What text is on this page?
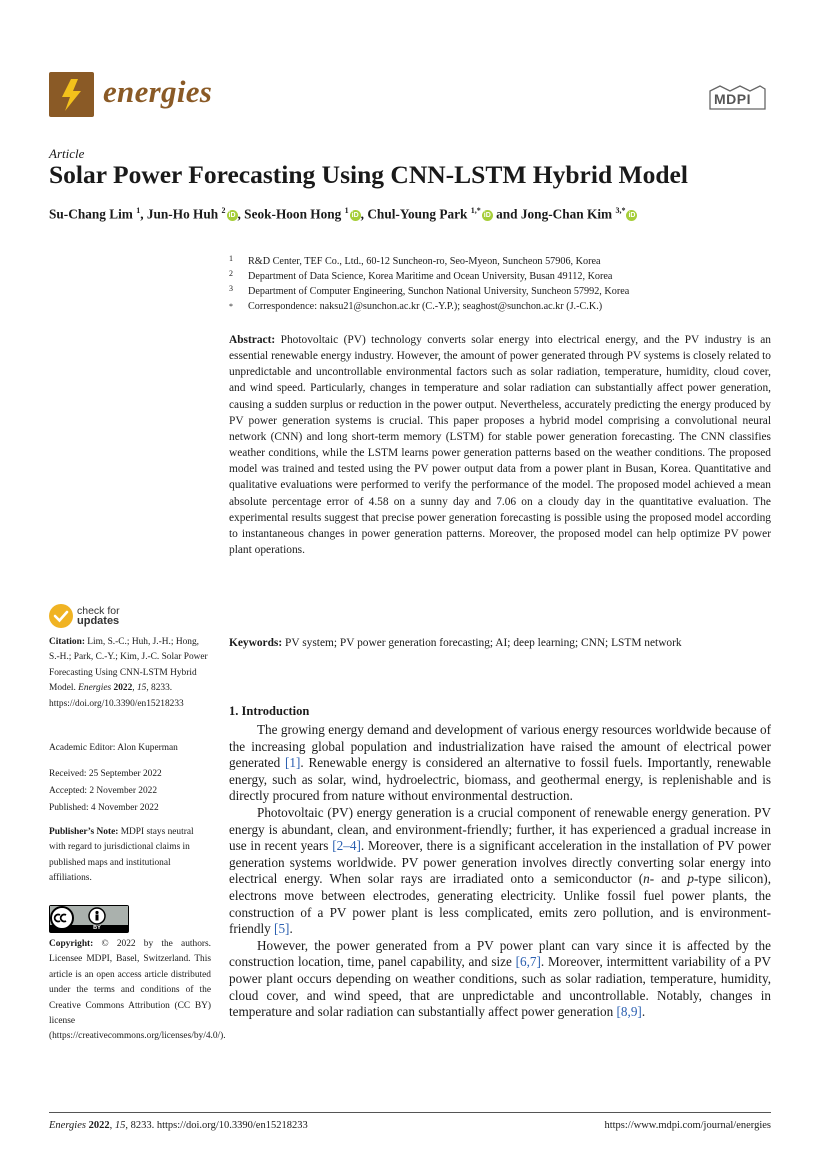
energies	MDPI
Article
Solar Power Forecasting Using CNN-LSTM Hybrid Model
Su-Chang Lim $^1$, Jun-Ho Huh $^2$iD , Seok-Hoon Hong $^1$iD , Chul-Young Park $^{1,*}$iD and Jong-Chan Kim $^{3,*}$iD
1 R&D Center, TEF Co., Ltd., 60-12 Suncheon-ro, Seo-Myeon, Suncheon 57906, Korea
2 Department of Data Science, Korea Maritime and Ocean University, Busan 49112, Korea
3 Department of Computer Engineering, Sunchon National University, Suncheon 57992, Korea
* Correspondence: naksu21@sunchon.ac.kr (C.-Y.P.); seaghost@sunchon.ac.kr (J.-C.K.)
Abstract: Photovoltaic (PV) technology converts solar energy into electrical energy, and the PV industry is an essential renewable energy industry. However, the amount of power generated through PV systems is closely related to unpredictable and uncontrollable environmental factors such as solar radiation, temperature, humidity, cloud cover, and wind speed. Particularly, changes in temperature and solar radiation can substantially affect power generation, causing a sudden surplus or reduction in the power output. Nevertheless, accurately predicting the energy produced by PV power generation systems is crucial. This paper proposes a hybrid model comprising a convolutional neural network (CNN) and long short-term memory (LSTM) for stable power generation forecasting. The CNN classifies weather conditions, while the LSTM learns power generation patterns based on the weather conditions. The proposed model was trained and tested using the PV power output data from a power plant in Busan, Korea. Quantitative and qualitative evaluations were performed to verify the performance of the model. The proposed model achieved a mean absolute percentage error of 4.58 on a sunny day and 7.06 on a cloudy day in the quantitative evaluation. The experimental results suggest that precise power generation forecasting is possible using the proposed model according to instantaneous changes in power generation patterns. Moreover, the proposed model can help optimize PV power plant operations.
Keywords: PV system; PV power generation forecasting; AI; deep learning; CNN; LSTM network
1. Introduction

The growing energy demand and development of various energy resources worldwide because of the increasing global population and industrialization have raised the amount of electrical power generated [1]. Renewable energy is considered an alternative to fossil fuels. Importantly, renewable energy, such as solar, wind, hydroelectric, biomass, and geothermal energy, is replenishable and is directly procured from nature without environmental destruction.

Photovoltaic (PV) energy generation is a crucial component of renewable energy generation. PV energy is abundant, clean, and environment-friendly; further, it has experienced a gradual increase in use in recent years [2–4]. Moreover, there is a significant acceleration in the installation of PV power generation systems worldwide. PV power generation involves directly converting solar energy into electrical energy. When solar rays are irradiated onto a semiconductor (n- and p-type silicon), electrons move between electrodes, generating electricity. Unlike fossil fuel power plants, the construction of a PV power plant is less complicated, emits zero pollution, and is environment-friendly [5].

However, the power generated from a PV power plant can vary since it is affected by the construction location, time, panel capability, and size [6,7]. Moreover, intermittent variability of a PV power plant occurs depending on weather conditions, such as solar radiation, temperature, humidity, cloud cover, and wind speed, that are unpredictable and uncontrollable. Notably, changes in temperature and solar radiation can substantially affect power generation [8,9].

check for
updates
Citation: Lim, S.-C.; Huh, J.-H.; Hong, S.-H.; Park, C.-Y.; Kim, J.-C. Solar Power Forecasting Using CNN-LSTM Hybrid Model. Energies 2022, 15, 8233. https://doi.org/10.3390/en15218233
Academic Editor: Alon Kuperman
Received: 25 September 2022
Accepted: 2 November 2022
Published: 4 November 2022
Publisher’s Note: MDPI stays neutral with regard to jurisdictional claims in published maps and institutional affiliations.
BY
Copyright: © 2022 by the authors. Licensee MDPI, Basel, Switzerland. This article is an open access article distributed under the terms and conditions of the Creative Commons Attribution (CC BY) license (https://creativecommons.org/licenses/by/4.0/).
Energies 2022, 15, 8233. https://doi.org/10.3390/en15218233	https://www.mdpi.com/journal/energies
